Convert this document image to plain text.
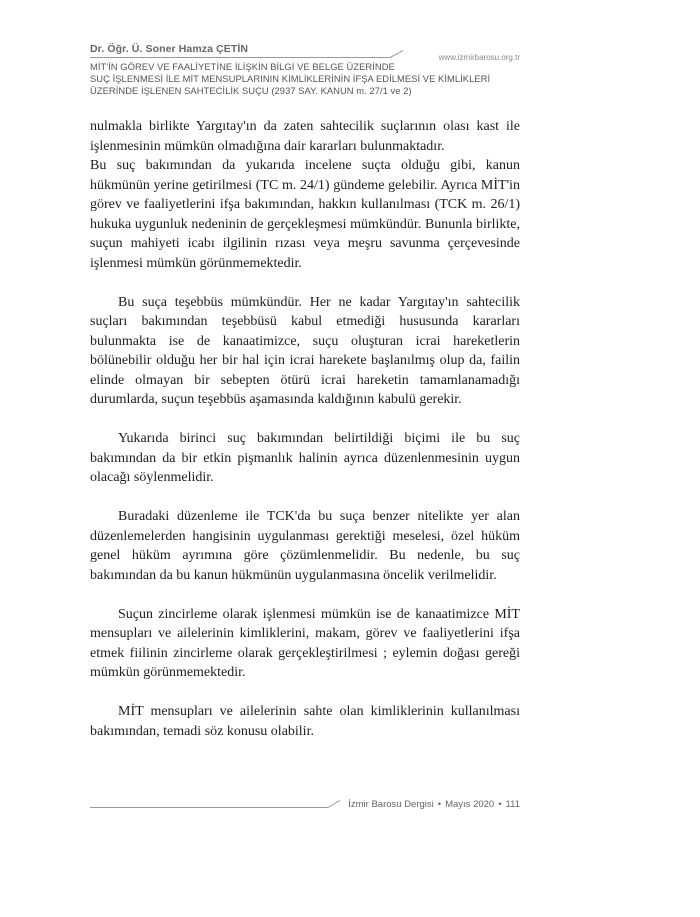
Dr. Öğr. Ü. Soner Hamza ÇETİN
www.izmirbarosu.org.tr
MİT'İN GÖREV VE FAALİYETİNE İLİŞKİN BİLGİ VE BELGE ÜZERİNDE
SUÇ İŞLENMESİ İLE MİT MENSUPLARININ KİMLİKLERİNİN İFŞA EDİLMESİ VE KİMLİKLERİ
ÜZERİNDE İŞLENEN SAHTECİLİK SUÇU (2937 SAY. KANUN m. 27/1 ve 2)

nulmakla birlikte Yargıtay'ın da zaten sahtecilik suçlarının olası kast ile işlenmesinin mümkün olmadığına dair kararları bulunmaktadır.

Bu suç bakımından da yukarıda incelene suçta olduğu gibi, kanun hükmünün yerine getirilmesi (TC m. 24/1) gündeme gelebilir. Ayrıca MİT'in görev ve faaliyetlerini ifşa bakımından, hakkın kullanılması (TCK m. 26/1) hukuka uygunluk nedeninin de gerçekleşmesi mümkündür. Bununla birlikte, suçun mahiyeti icabı ilgilinin rızası veya meşru savunma çerçevesinde işlenmesi mümkün görünmemektedir.

Bu suça teşebbüs mümkündür. Her ne kadar Yargıtay'ın sahtecilik suçları bakımından teşebbüsü kabul etmediği hususunda kararları bulunmakta ise de kanaatimizce, suçu oluşturan icrai hareketlerin bölünebilir olduğu her bir hal için icrai harekete başlanılmış olup da, failin elinde olmayan bir sebepten ötürü icrai hareketin tamamlanamadığı durumlarda, suçun teşebbüs aşamasında kaldığının kabulü gerekir.

Yukarıda birinci suç bakımından belirtildiği biçimi ile bu suç bakımından da bir etkin pişmanlık halinin ayrıca düzenlenmesinin uygun olacağı söylenmelidir.

Buradaki düzenleme ile TCK'da bu suça benzer nitelikte yer alan düzenlemelerden hangisinin uygulanması gerektiği meselesi, özel hüküm genel hüküm ayrımına göre çözümlenmelidir. Bu nedenle, bu suç bakımından da bu kanun hükmünün uygulanmasına öncelik verilmelidir.

Suçun zincirleme olarak işlenmesi mümkün ise de kanaatimizce MİT mensupları ve ailelerinin kimliklerini, makam, görev ve faaliyetlerini ifşa etmek fiilinin zincirleme olarak gerçekleştirilmesi ; eylemin doğası gereği mümkün görünmemektedir.

MİT mensupları ve ailelerinin sahte olan kimliklerinin kullanılması bakımından, temadi söz konusu olabilir.

İzmir Barosu Dergisi • Mayıs 2020 • 111
